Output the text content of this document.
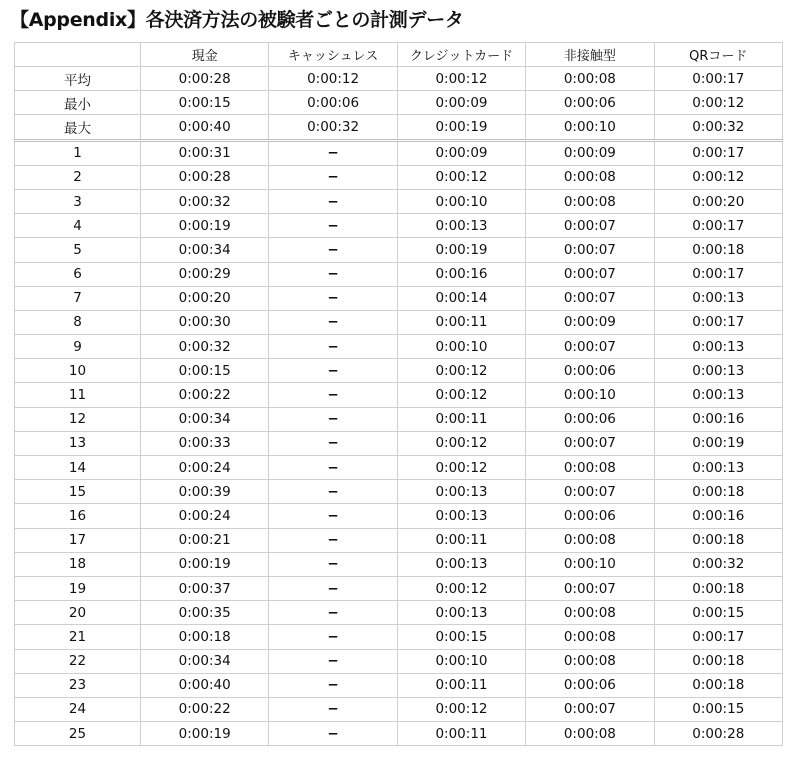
【Appendix】各決済方法の被験者ごとの計測データ
	現金	キャッシュレス	クレジットカード	非接触型	QRコード
平均	0:00:28	0:00:12	0:00:12	0:00:08	0:00:17
最小	0:00:15	0:00:06	0:00:09	0:00:06	0:00:12
最大	0:00:40	0:00:32	0:00:19	0:00:10	0:00:32
1	0:00:31	−	0:00:09	0:00:09	0:00:17
2	0:00:28	−	0:00:12	0:00:08	0:00:12
3	0:00:32	−	0:00:10	0:00:08	0:00:20
4	0:00:19	−	0:00:13	0:00:07	0:00:17
5	0:00:34	−	0:00:19	0:00:07	0:00:18
6	0:00:29	−	0:00:16	0:00:07	0:00:17
7	0:00:20	−	0:00:14	0:00:07	0:00:13
8	0:00:30	−	0:00:11	0:00:09	0:00:17
9	0:00:32	−	0:00:10	0:00:07	0:00:13
10	0:00:15	−	0:00:12	0:00:06	0:00:13
11	0:00:22	−	0:00:12	0:00:10	0:00:13
12	0:00:34	−	0:00:11	0:00:06	0:00:16
13	0:00:33	−	0:00:12	0:00:07	0:00:19
14	0:00:24	−	0:00:12	0:00:08	0:00:13
15	0:00:39	−	0:00:13	0:00:07	0:00:18
16	0:00:24	−	0:00:13	0:00:06	0:00:16
17	0:00:21	−	0:00:11	0:00:08	0:00:18
18	0:00:19	−	0:00:13	0:00:10	0:00:32
19	0:00:37	−	0:00:12	0:00:07	0:00:18
20	0:00:35	−	0:00:13	0:00:08	0:00:15
21	0:00:18	−	0:00:15	0:00:08	0:00:17
22	0:00:34	−	0:00:10	0:00:08	0:00:18
23	0:00:40	−	0:00:11	0:00:06	0:00:18
24	0:00:22	−	0:00:12	0:00:07	0:00:15
25	0:00:19	−	0:00:11	0:00:08	0:00:28
